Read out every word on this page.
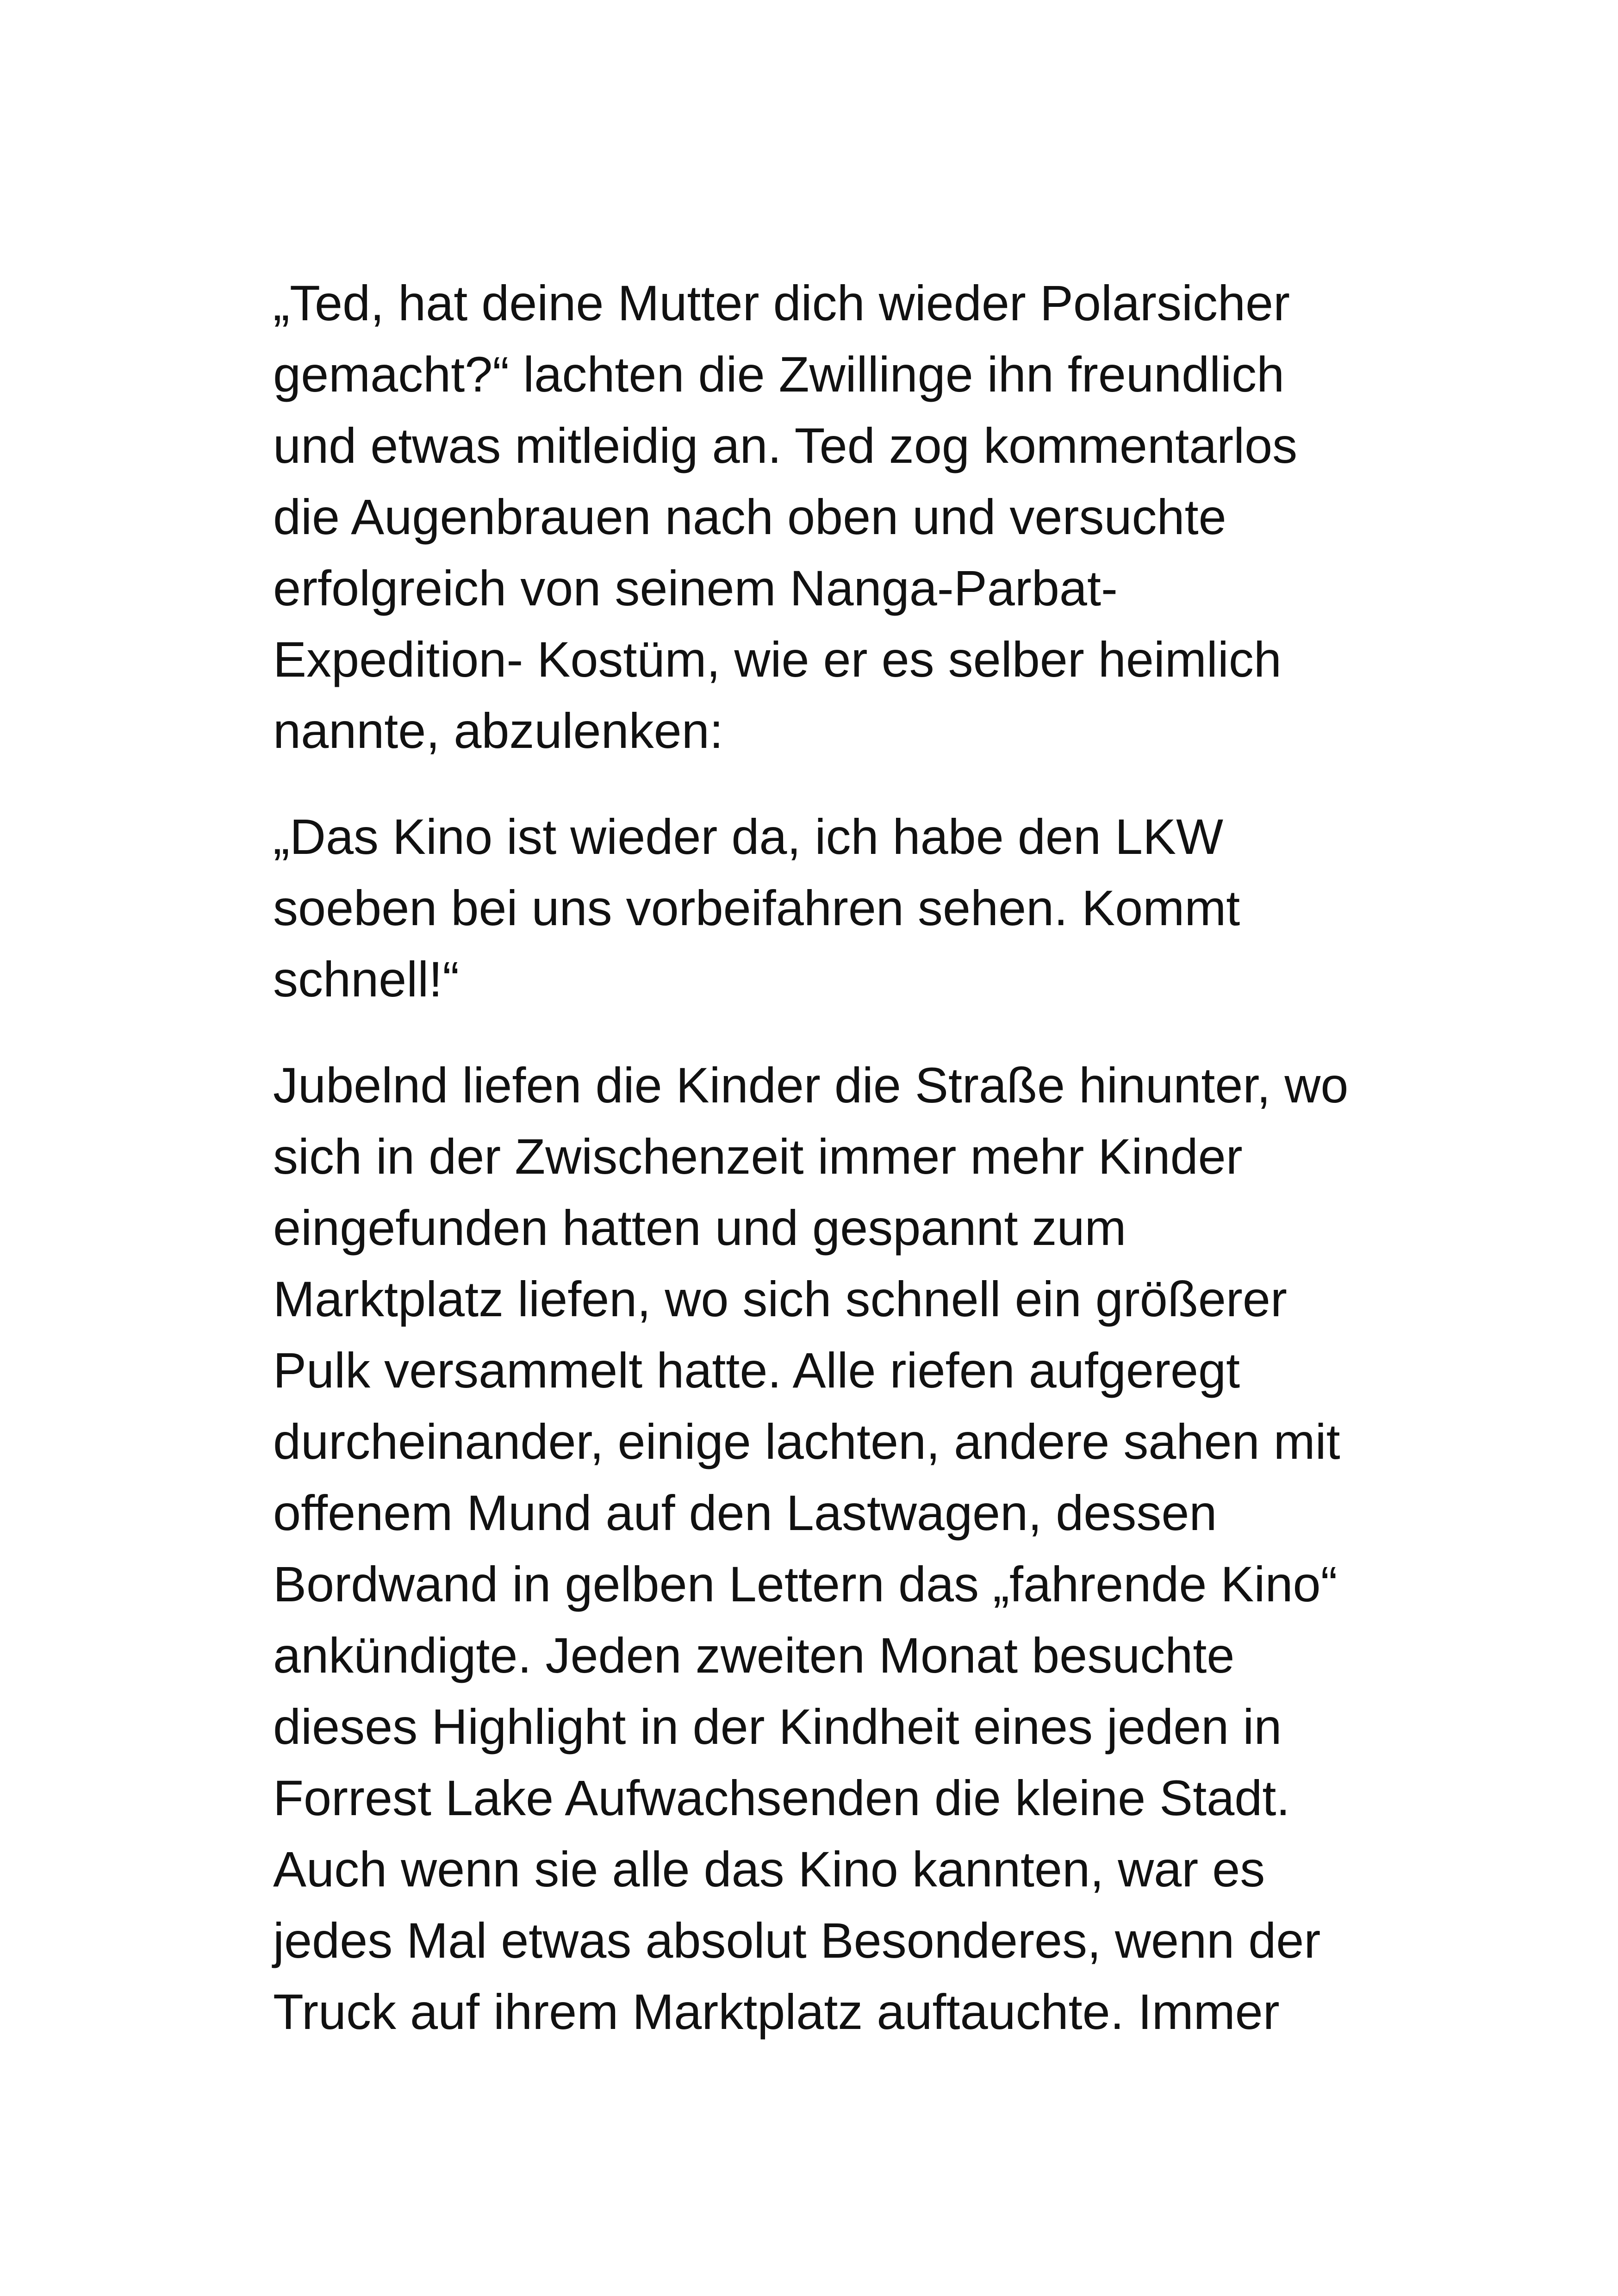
„Ted, hat deine Mutter dich wieder Polarsicher
gemacht?“ lachten die Zwillinge ihn freundlich
und etwas mitleidig an. Ted zog kommentarlos
die Augenbrauen nach oben und versuchte
erfolgreich von seinem Nanga-Parbat-
Expedition- Kostüm, wie er es selber heimlich
nannte, abzulenken:

„Das Kino ist wieder da, ich habe den LKW
soeben bei uns vorbeifahren sehen. Kommt
schnell!“

Jubelnd liefen die Kinder die Straße hinunter, wo
sich in der Zwischenzeit immer mehr Kinder
eingefunden hatten und gespannt zum
Marktplatz liefen, wo sich schnell ein größerer
Pulk versammelt hatte. Alle riefen aufgeregt
durcheinander, einige lachten, andere sahen mit
offenem Mund auf den Lastwagen, dessen
Bordwand in gelben Lettern das „fahrende Kino“
ankündigte. Jeden zweiten Monat besuchte
dieses Highlight in der Kindheit eines jeden in
Forrest Lake Aufwachsenden die kleine Stadt.
Auch wenn sie alle das Kino kannten, war es
jedes Mal etwas absolut Besonderes, wenn der
Truck auf ihrem Marktplatz auftauchte. Immer
